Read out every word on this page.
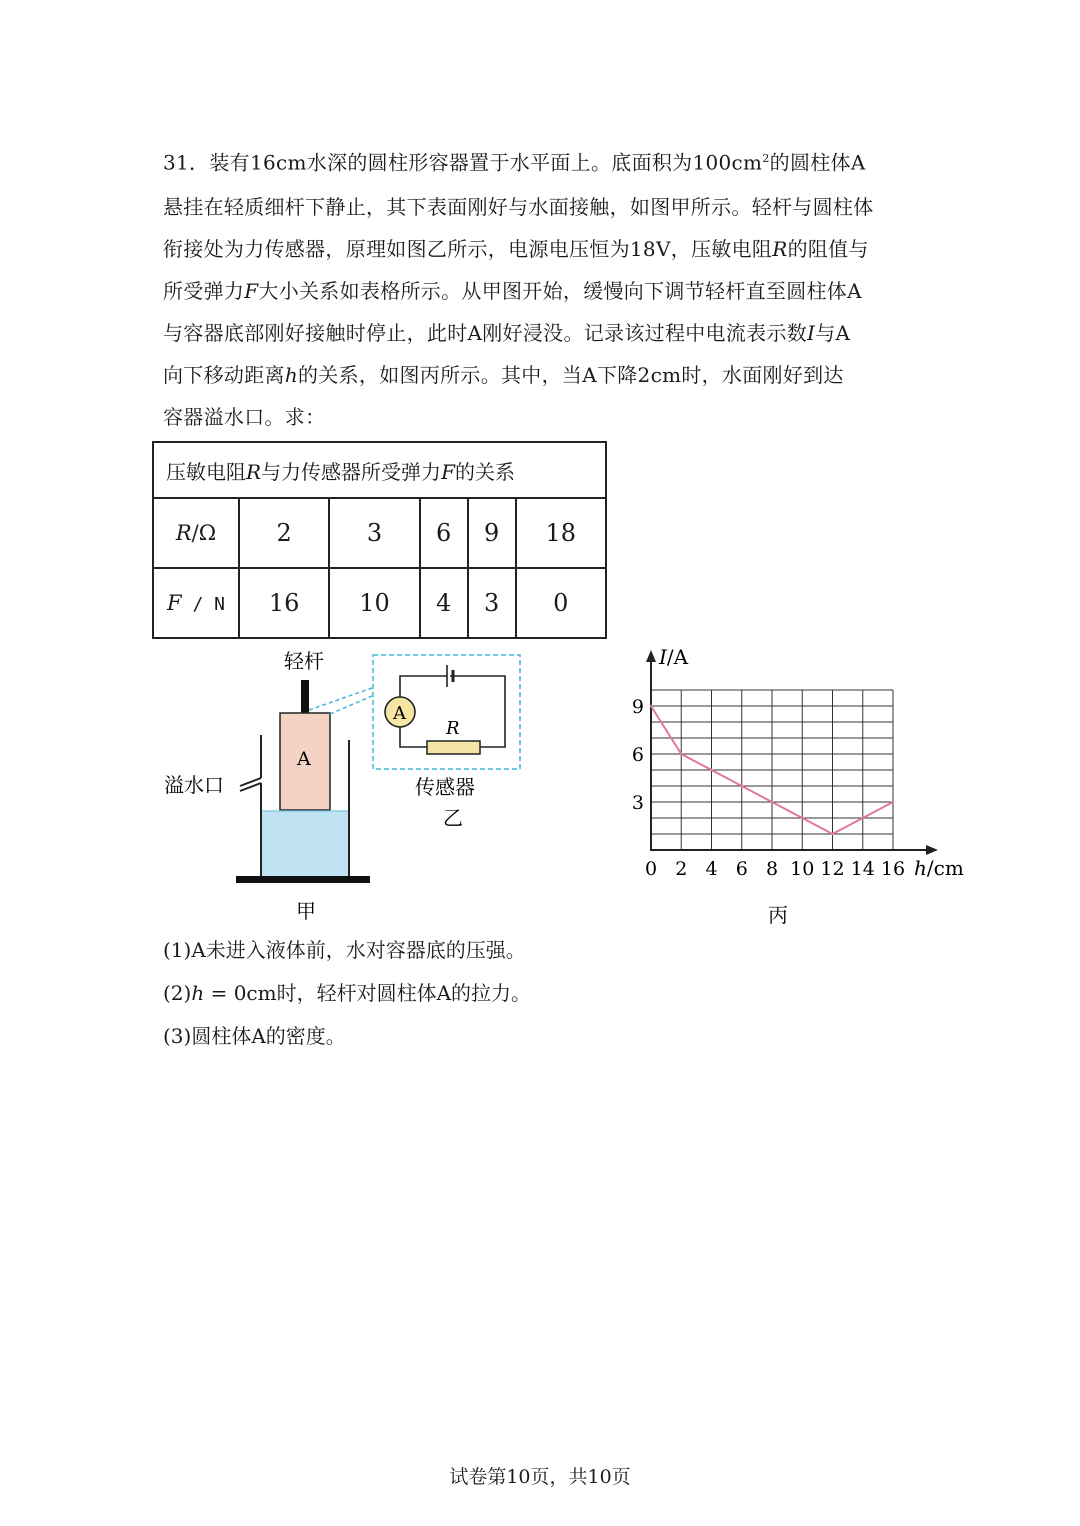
31．装有16cm水深的圆柱形容器置于水平面上。底面积为$100cm^2$的圆柱体A
悬挂在轻质细杆下静止，其下表面刚好与水面接触，如图甲所示。轻杆与圆柱体
衔接处为力传感器，原理如图乙所示，电源电压恒为18V，压敏电阻R的阻值与
所受弹力F大小关系如表格所示。从甲图开始，缓慢向下调节轻杆直至圆柱体A
与容器底部刚好接触时停止，此时A刚好浸没。记录该过程中电流表示数I与A
向下移动距离h的关系，如图丙所示。其中，当A下降2cm时，水面刚好到达
容器溢水口。求：
压敏电阻R与力传感器所受弹力F的关系					
R/Ω	2	3	6	9	18
F / N	16	10	4	3	0
轻杆
A
溢水口
甲
A
R
传感器
乙
I/A
h/cm
0 2 4 6 8 10 12 14 16
9
6
3
丙
(1)A未进入液体前，水对容器底的压强。
(2)h = 0cm时，轻杆对圆柱体A的拉力。
(3)圆柱体A的密度。
试卷第10页，共10页
